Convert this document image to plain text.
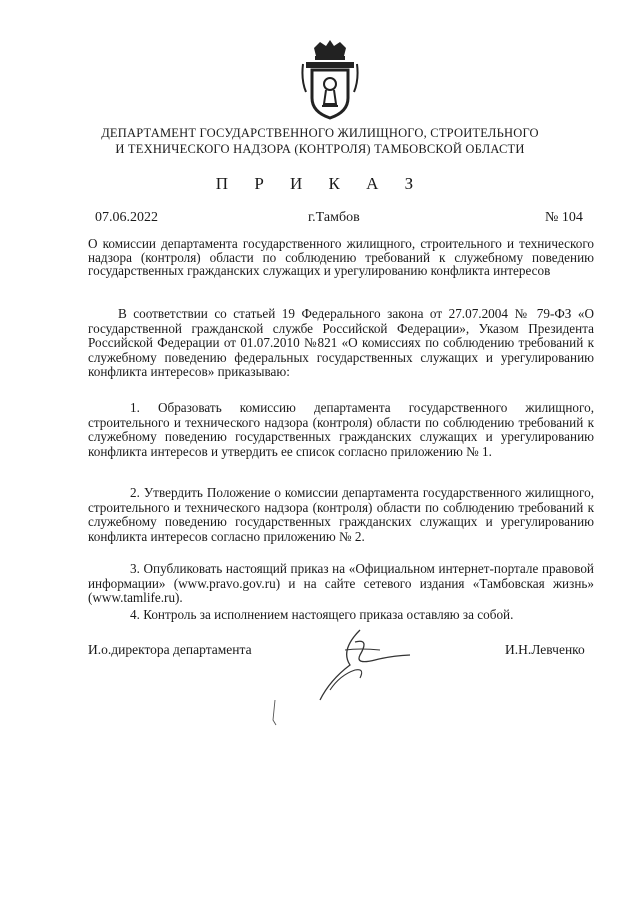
ДЕПАРТАМЕНТ ГОСУДАРСТВЕННОГО ЖИЛИЩНОГО, СТРОИТЕЛЬНОГО
И ТЕХНИЧЕСКОГО НАДЗОРА (КОНТРОЛЯ) ТАМБОВСКОЙ ОБЛАСТИ
П Р И К А З
07.06.2022	г.Тамбов	№ 104
О комиссии департамента государственного жилищного, строительного и технического надзора (контроля) области по соблюдению требований к служебному поведению государственных гражданских служащих и урегулированию конфликта интересов
В соответствии со статьей 19 Федерального закона от 27.07.2004 № 79-ФЗ «О государственной гражданской службе Российской Федерации», Указом Президента Российской Федерации от 01.07.2010 №821 «О комиссиях по соблюдению требований к служебному поведению федеральных государственных служащих и урегулированию конфликта интересов» приказываю:
1. Образовать комиссию департамента государственного жилищного, строительного и технического надзора (контроля) области по соблюдению требований к служебному поведению государственных гражданских служащих и урегулированию конфликта интересов и утвердить ее список согласно приложению № 1.
2. Утвердить Положение о комиссии департамента государственного жилищного, строительного и технического надзора (контроля) области по соблюдению требований к служебному поведению государственных гражданских служащих и урегулированию конфликта интересов согласно приложению № 2.
3. Опубликовать настоящий приказ на «Официальном интернет-портале правовой информации» (www.pravo.gov.ru) и на сайте сетевого издания «Тамбовская жизнь» (www.tamlife.ru).
4. Контроль за исполнением настоящего приказа оставляю за собой.
И.о.директора департамента	И.Н.Левченко
